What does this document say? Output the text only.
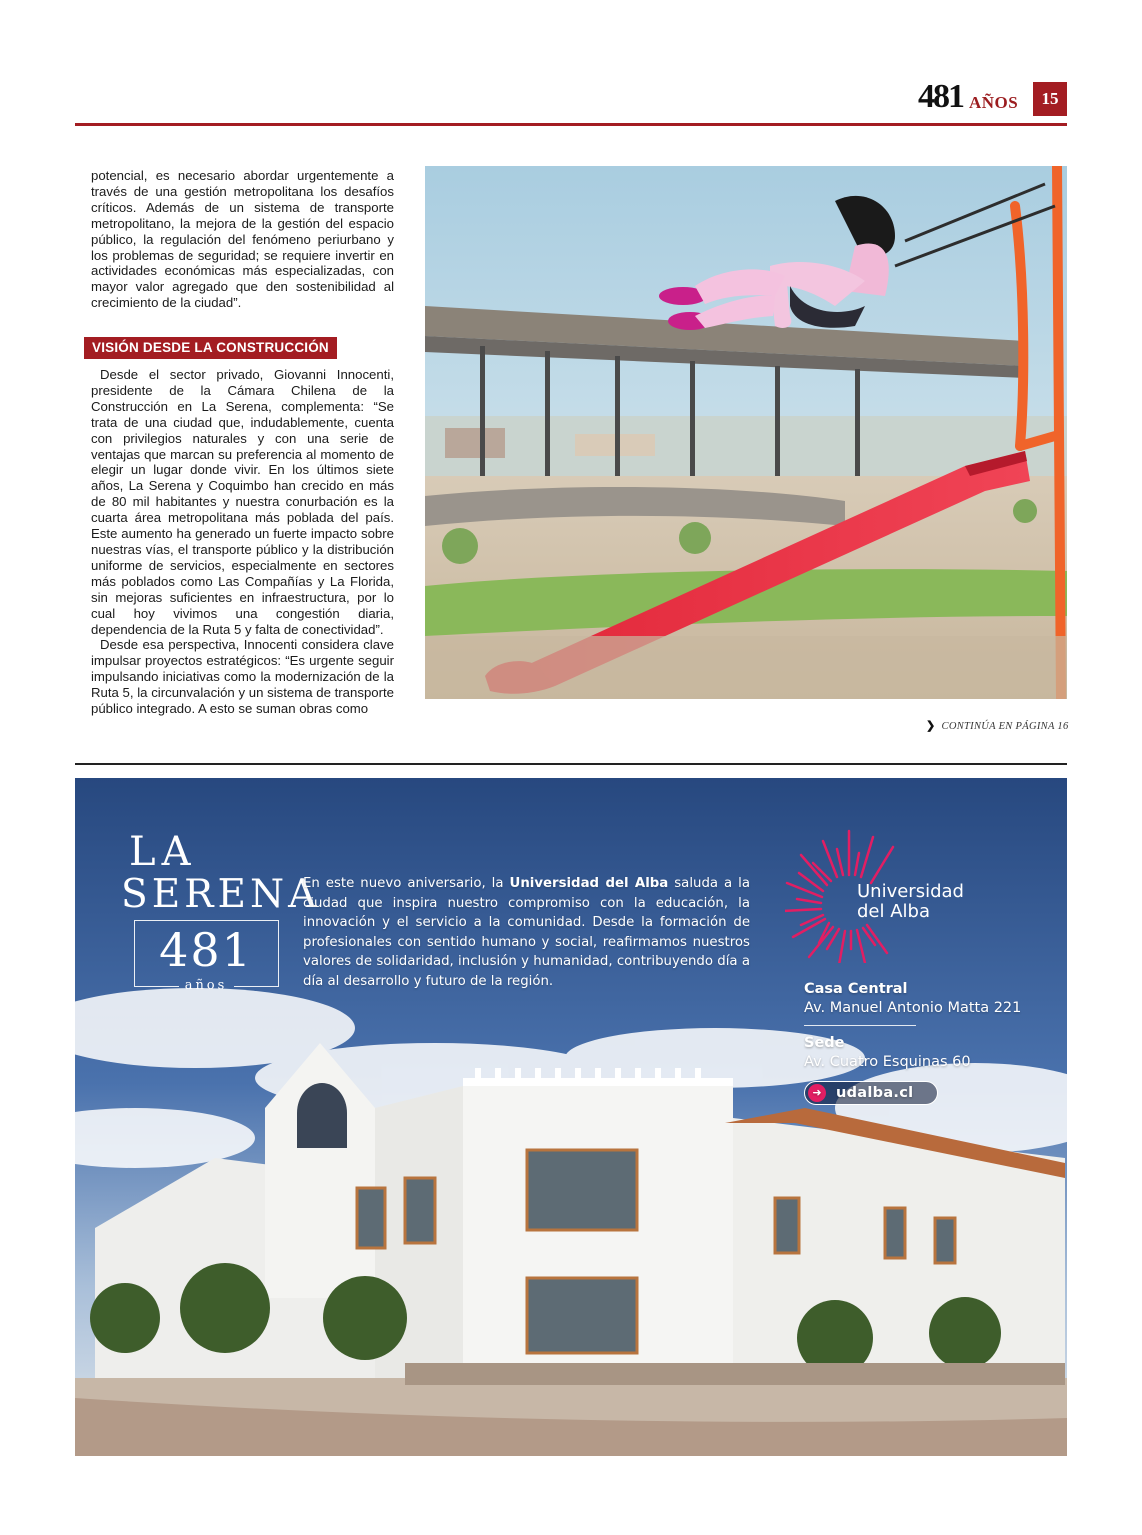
481 AÑOS	15

potencial, es necesario abordar urgentemente a través de una gestión metropolitana los desafíos críticos. Además de un sistema de transporte metropolitano, la mejora de la gestión del espacio público, la regulación del fenómeno periurbano y los problemas de seguridad; se requiere invertir en actividades económicas más especializadas, con mayor valor agregado que den sostenibilidad al crecimiento de la ciudad”.

VISIÓN DESDE LA CONSTRUCCIÓN

Desde el sector privado, Giovanni Innocenti, presidente de la Cámara Chilena de la Construcción en La Serena, complementa: “Se trata de una ciudad que, indudablemente, cuenta con privilegios naturales y con una serie de ventajas que marcan su preferencia al momento de elegir un lugar donde vivir. En los últimos siete años, La Serena y Coquimbo han crecido en más de 80 mil habitantes y nuestra conurbación es la cuarta área metropolitana más poblada del país. Este aumento ha generado un fuerte impacto sobre nuestras vías, el transporte público y la distribución uniforme de servicios, especialmente en sectores más poblados como Las Compañías y La Florida, sin mejoras suficientes en infraestructura, por lo cual hoy vivimos una congestión diaria, dependencia de la Ruta 5 y falta de conectividad”.

Desde esa perspectiva, Innocenti considera clave impulsar proyectos estratégicos: “Es urgente seguir impulsando iniciativas como la modernización de la Ruta 5, la circunvalación y un sistema de transporte público integrado. A esto se suman obras como

❯ CONTINÚA EN PÁGINA 16
LA
SERENA
481
años
En este nuevo aniversario, la Universidad del Alba saluda a la ciudad que inspira nuestro compromiso con la educación, la innovación y el servicio a la comunidad. Desde la formación de profesionales con sentido humano y social, reafirmamos nuestros valores de solidaridad, inclusión y humanidad, contribuyendo día a día al desarrollo y futuro de la región.
Universidad
del Alba
Casa Central
Av. Manuel Antonio Matta 221
Sede
Av. Cuatro Esquinas 60
➜ udalba.cl
